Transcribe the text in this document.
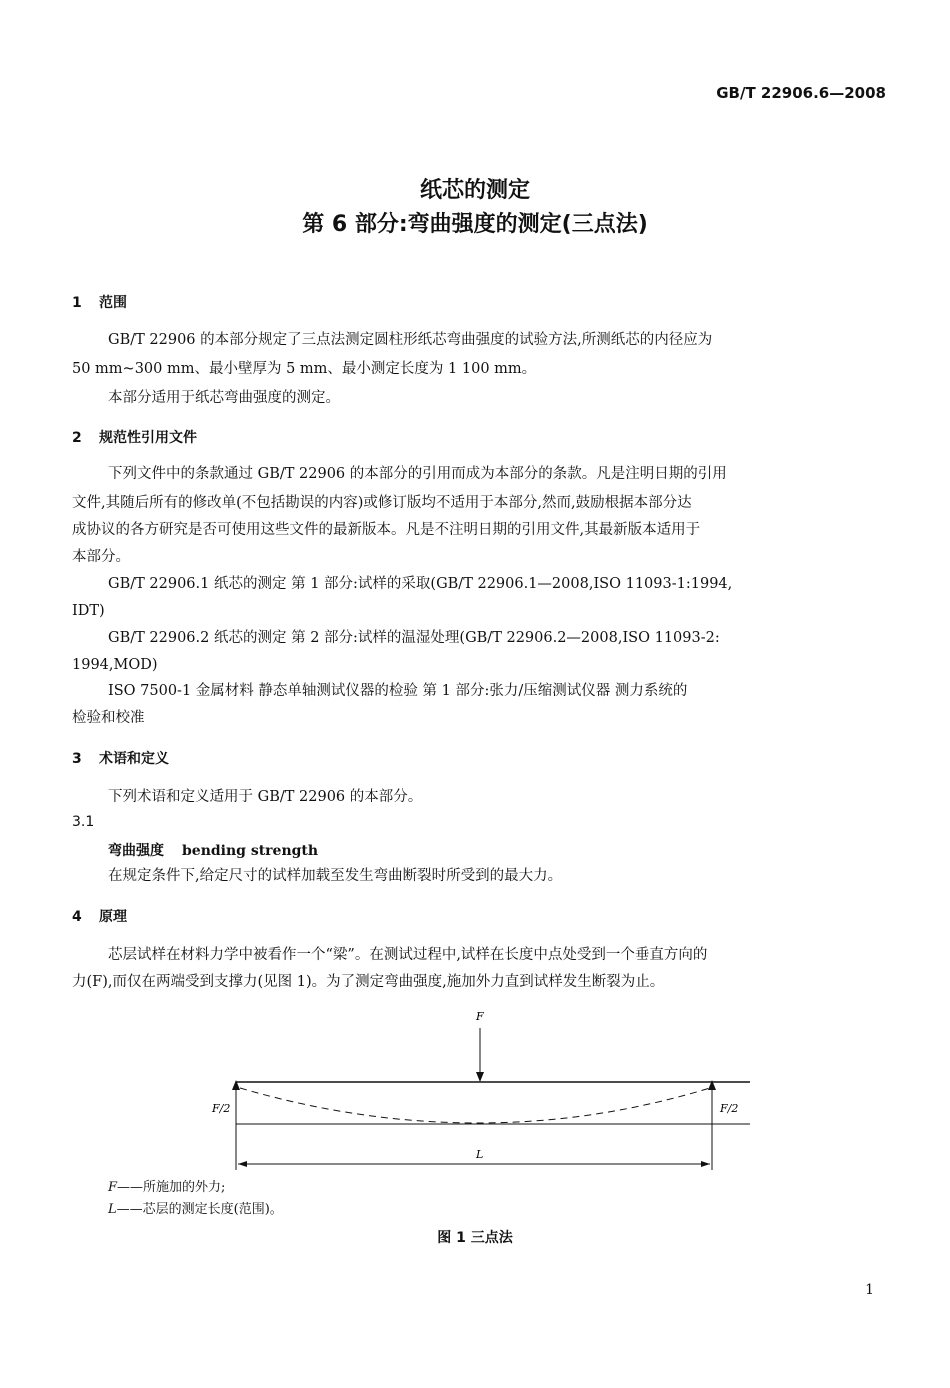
GB/T 22906.6—2008
纸芯的测定
第 6 部分:弯曲强度的测定(三点法)
1 范围
GB/T 22906 的本部分规定了三点法测定圆柱形纸芯弯曲强度的试验方法,所测纸芯的内径应为
50 mm~300 mm、最小壁厚为 5 mm、最小测定长度为 1 100 mm。
本部分适用于纸芯弯曲强度的测定。
2 规范性引用文件
下列文件中的条款通过 GB/T 22906 的本部分的引用而成为本部分的条款。凡是注明日期的引用
文件,其随后所有的修改单(不包括勘误的内容)或修订版均不适用于本部分,然而,鼓励根据本部分达
成协议的各方研究是否可使用这些文件的最新版本。凡是不注明日期的引用文件,其最新版本适用于
本部分。
GB/T 22906.1 纸芯的测定 第 1 部分:试样的采取(GB/T 22906.1—2008,ISO 11093-1:1994,
IDT)
GB/T 22906.2 纸芯的测定 第 2 部分:试样的温湿处理(GB/T 22906.2—2008,ISO 11093-2:
1994,MOD)
ISO 7500-1 金属材料 静态单轴测试仪器的检验 第 1 部分:张力/压缩测试仪器 测力系统的
检验和校准
3 术语和定义
下列术语和定义适用于 GB/T 22906 的本部分。
3.1
弯曲强度 bending strength
在规定条件下,给定尺寸的试样加载至发生弯曲断裂时所受到的最大力。
4 原理
芯层试样在材料力学中被看作一个“梁”。在测试过程中,试样在长度中点处受到一个垂直方向的
力(F),而仅在两端受到支撑力(见图 1)。为了测定弯曲强度,施加外力直到试样发生断裂为止。
F
F/2	F/2
L
F——所施加的外力;
L——芯层的测定长度(范围)。
图 1 三点法
1
